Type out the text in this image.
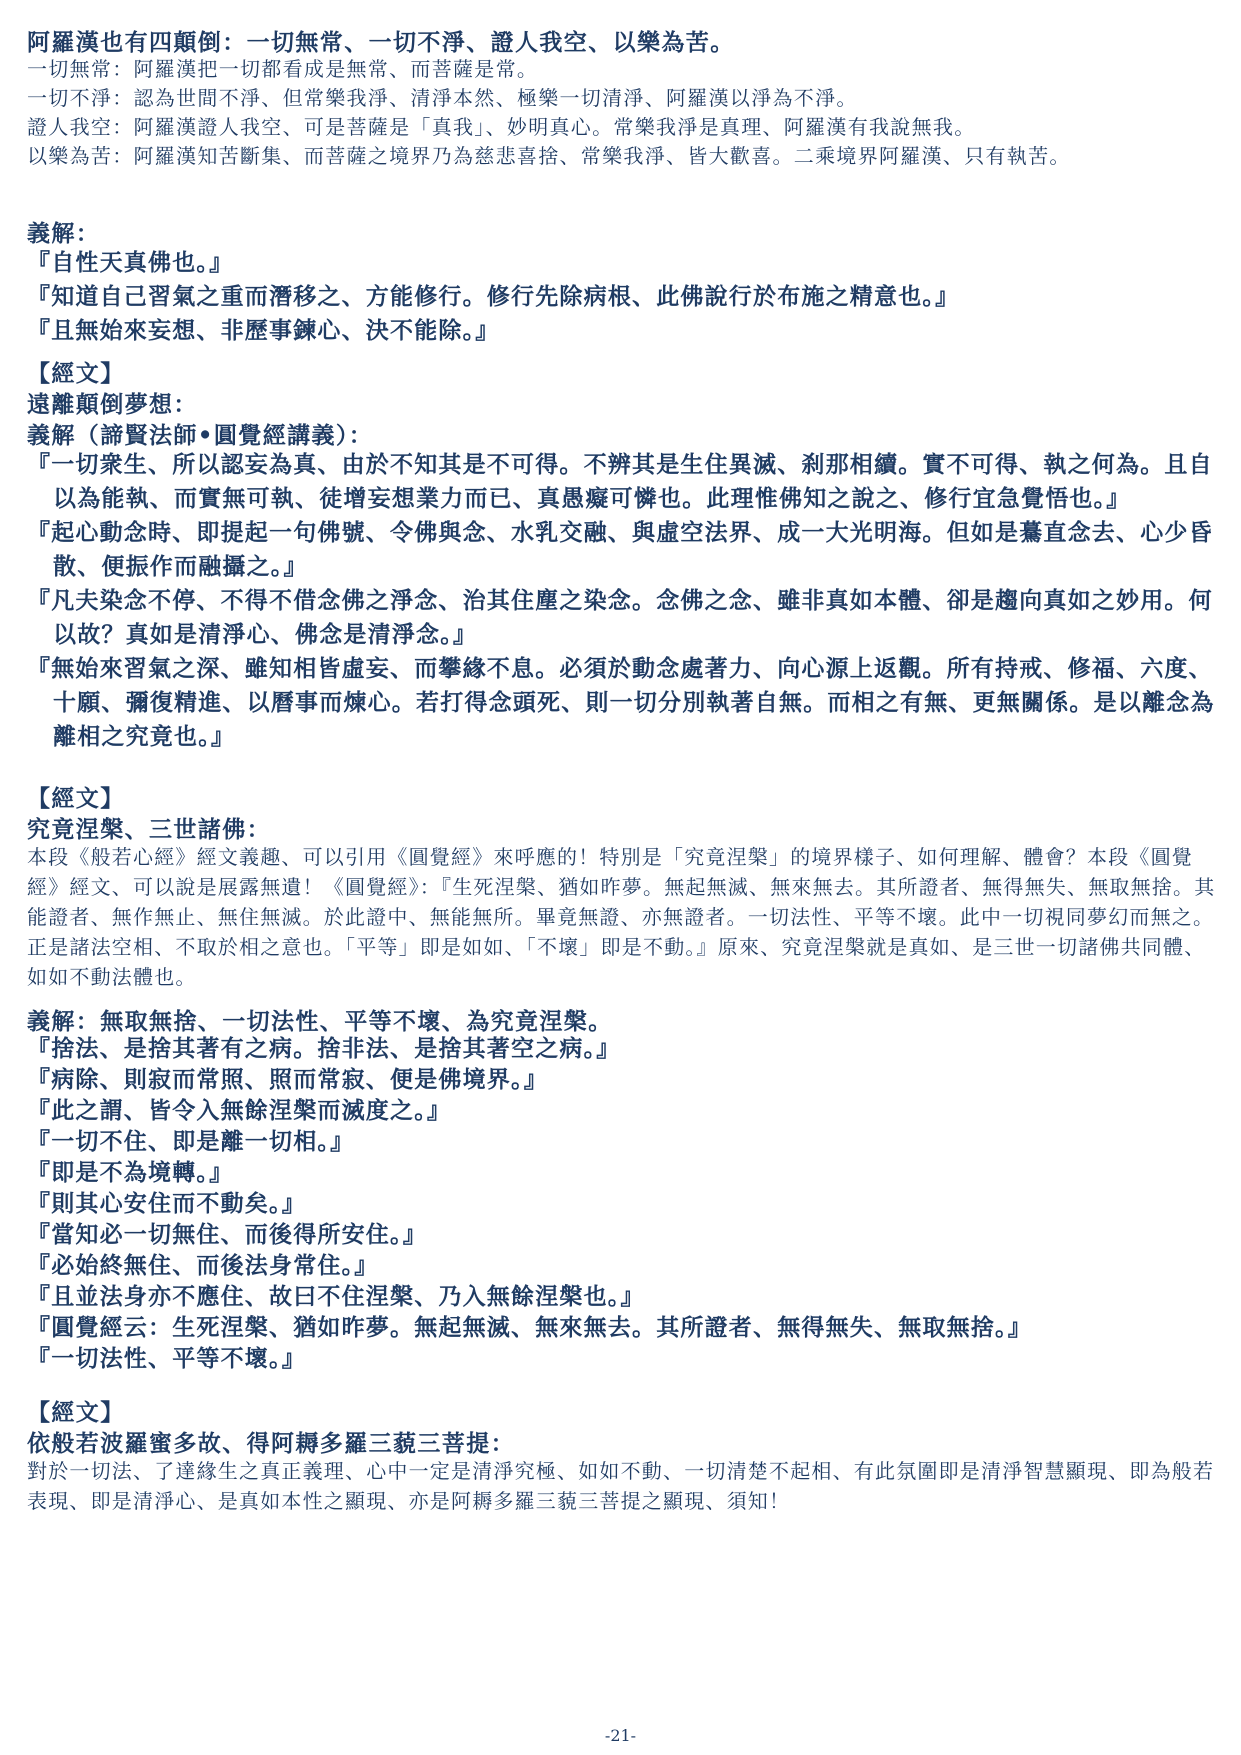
阿羅漢也有四顛倒：一切無常、一切不淨、證人我空、以樂為苦。
一切無常： 阿羅漢把一切都看成是無常、而菩薩是常。
一切不淨： 認為世間不淨、但常樂我淨、清淨本然、極樂一切清淨、阿羅漢以淨為不淨。
證人我空： 阿羅漢證人我空、可是菩薩是「真我」、妙明真心。常樂我淨是真理、阿羅漢有我說無我。
以樂為苦： 阿羅漢知苦斷集、而菩薩之境界乃為慈悲喜捨、常樂我淨、皆大歡喜。二乘境界阿羅漢、只有執苦。
義解：
『自性天真佛也。』
『知道自己習氣之重而潛移之、方能修行。修行先除病根、此佛說行於布施之精意也。』
『且無始來妄想、非歷事鍊心、決不能除。』
【經文】
遠離顛倒夢想：
義解（諦賢法師•圓覺經講義）：
『一切衆生、所以認妄為真、由於不知其是不可得。不辨其是生住異滅、刹那相續。實不可得、執之何為。且自以為能執、而實無可執、徒增妄想業力而已、真愚癡可憐也。此理惟佛知之說之、修行宜急覺悟也。』
『起心動念時、即提起一句佛號、令佛與念、水乳交融、與虛空法界、成一大光明海。但如是驀直念去、心少昏散、便振作而融攝之。』
『凡夫染念不停、不得不借念佛之淨念、治其住塵之染念。念佛之念、雖非真如本體、卻是趨向真如之妙用。何以故？真如是清淨心、佛念是清淨念。』
『無始來習氣之深、雖知相皆虛妄、而攀緣不息。必須於動念處著力、向心源上返觀。所有持戒、修福、六度、十願、彌復精進、以曆事而煉心。若打得念頭死、則一切分別執著自無。而相之有無、更無關係。是以離念為離相之究竟也。』
【經文】
究竟涅槃、三世諸佛：
本段《般若心經》經文義趣、可以引用《圓覺經》來呼應的！特別是「究竟涅槃」的境界樣子、如何理解、體會？本段《圓覺經》經文、可以說是展露無遺！《圓覺經》：『生死涅槃、猶如昨夢。無起無滅、無來無去。其所證者、無得無失、無取無捨。其能證者、無作無止、無住無滅。於此證中、無能無所。畢竟無證、亦無證者。一切法性、平等不壞。此中一切視同夢幻而無之。正是諸法空相、不取於相之意也。「平等」即是如如、「不壞」即是不動。』原來、究竟涅槃就是真如、是三世一切諸佛共同體、如如不動法體也。
義解：無取無捨、一切法性、平等不壞、為究竟涅槃。
『捨法、是捨其著有之病。捨非法、是捨其著空之病。』
『病除、則寂而常照、照而常寂、便是佛境界。』
『此之謂、皆令入無餘涅槃而滅度之。』
『一切不住、即是離一切相。』
『即是不為境轉。』
『則其心安住而不動矣。』
『當知必一切無住、而後得所安住。』
『必始終無住、而後法身常住。』
『且並法身亦不應住、故曰不住涅槃、乃入無餘涅槃也。』
『圓覺經云：生死涅槃、猶如昨夢。無起無滅、無來無去。其所證者、無得無失、無取無捨。』
『一切法性、平等不壞。』
【經文】
依般若波羅蜜多故、得阿耨多羅三藐三菩提：
對於一切法、了達緣生之真正義理、心中一定是清淨究極、如如不動、一切清楚不起相、有此氛圍即是清淨智慧顯現、即為般若表現、即是清淨心、是真如本性之顯現、亦是阿耨多羅三藐三菩提之顯現、須知！
-21-
